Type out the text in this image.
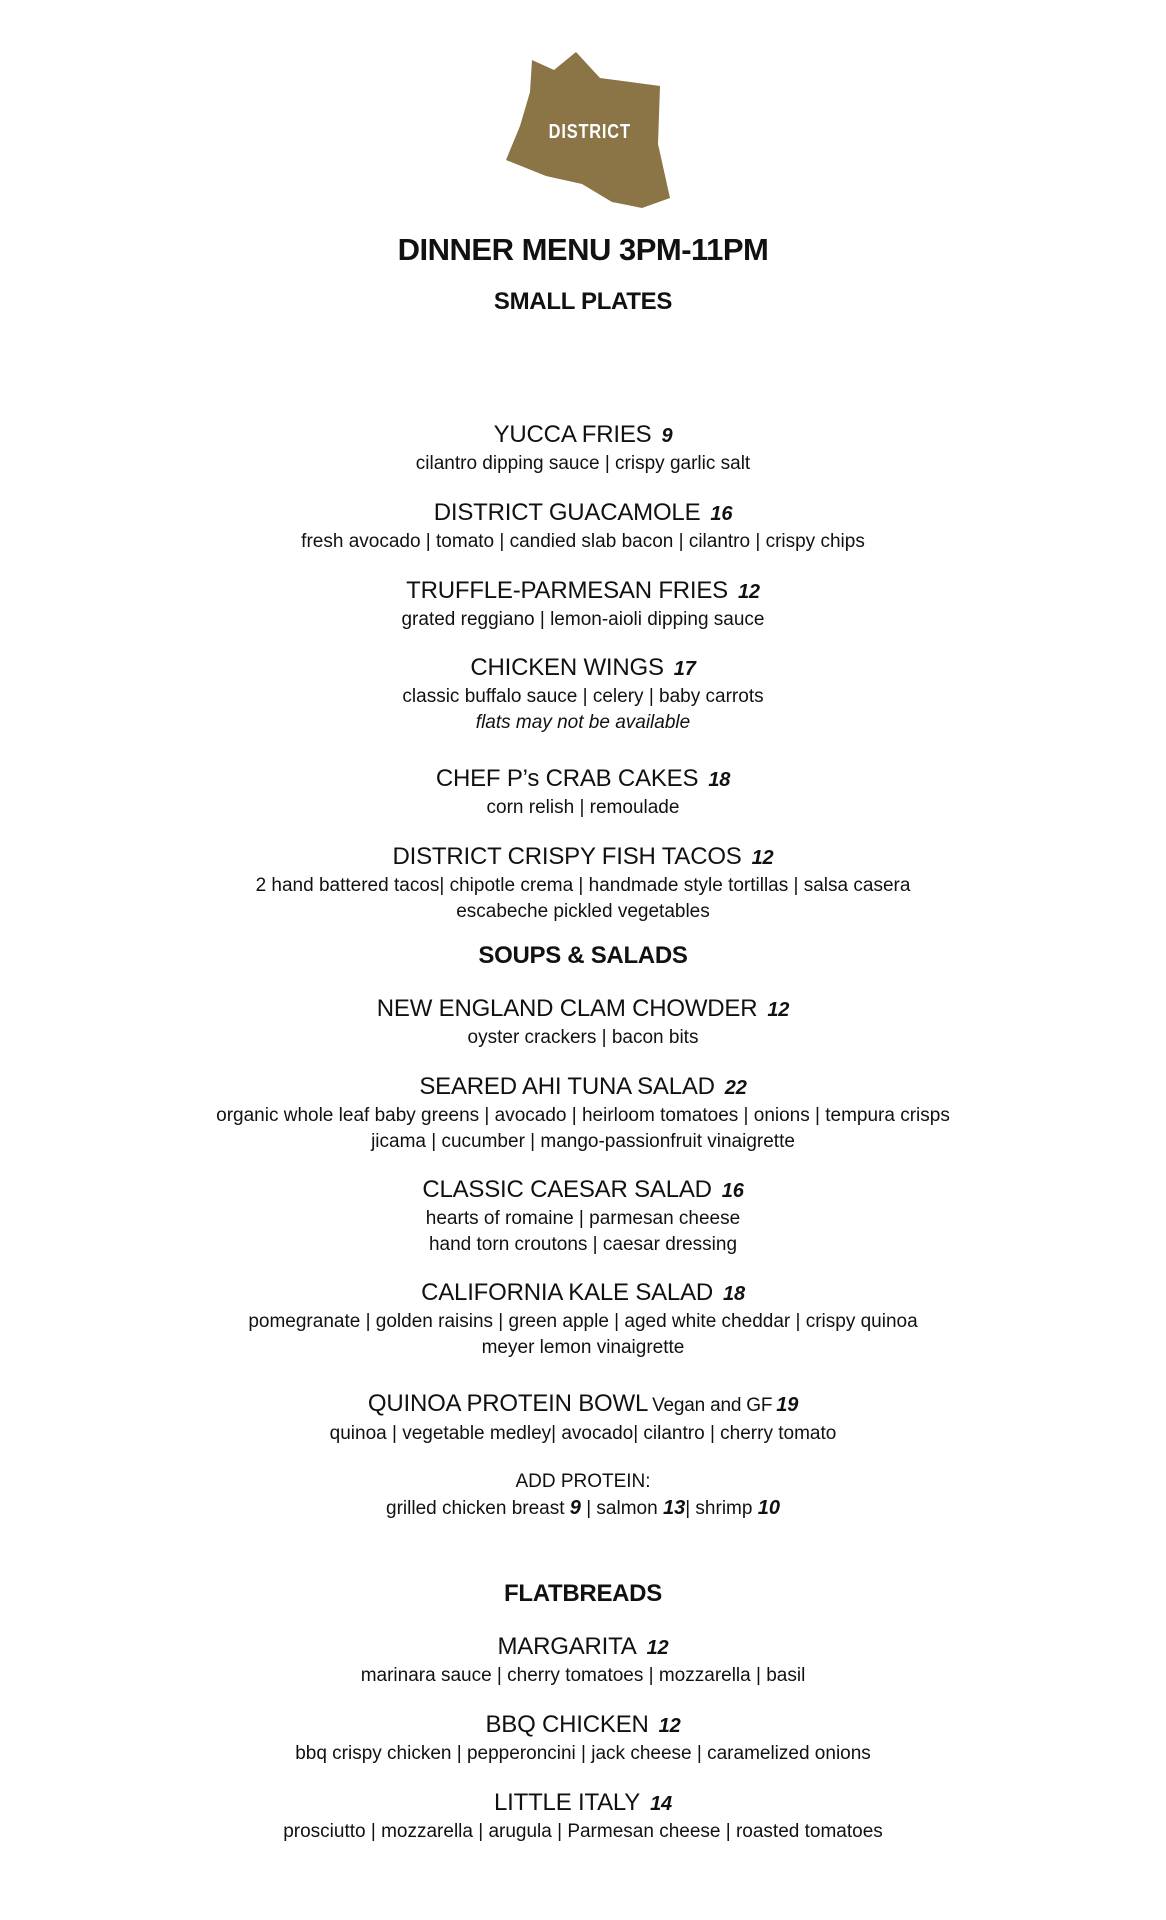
DISTRICT
DINNER MENU 3PM-11PM
SMALL PLATES
YUCCA FRIES 9
cilantro dipping sauce | crispy garlic salt
DISTRICT GUACAMOLE 16
fresh avocado | tomato | candied slab bacon | cilantro | crispy chips
TRUFFLE-PARMESAN FRIES 12
grated reggiano | lemon-aioli dipping sauce
CHICKEN WINGS 17
classic buffalo sauce | celery | baby carrots
flats may not be available
CHEF P’s CRAB CAKES 18
corn relish | remoulade
DISTRICT CRISPY FISH TACOS 12
2 hand battered tacos| chipotle crema | handmade style tortillas | salsa casera
escabeche pickled vegetables
SOUPS & SALADS
NEW ENGLAND CLAM CHOWDER 12
oyster crackers | bacon bits
SEARED AHI TUNA SALAD 22
organic whole leaf baby greens | avocado | heirloom tomatoes | onions | tempura crisps
jicama | cucumber | mango-passionfruit vinaigrette
CLASSIC CAESAR SALAD 16
hearts of romaine | parmesan cheese
hand torn croutons | caesar dressing
CALIFORNIA KALE SALAD 18
pomegranate | golden raisins | green apple | aged white cheddar | crispy quinoa
meyer lemon vinaigrette
QUINOA PROTEIN BOWL Vegan and GF 19
quinoa | vegetable medley| avocado| cilantro | cherry tomato
ADD PROTEIN:
grilled chicken breast 9 | salmon 13| shrimp 10
FLATBREADS
MARGARITA 12
marinara sauce | cherry tomatoes | mozzarella | basil
BBQ CHICKEN 12
bbq crispy chicken | pepperoncini | jack cheese | caramelized onions
LITTLE ITALY 14
prosciutto | mozzarella | arugula | Parmesan cheese | roasted tomatoes
